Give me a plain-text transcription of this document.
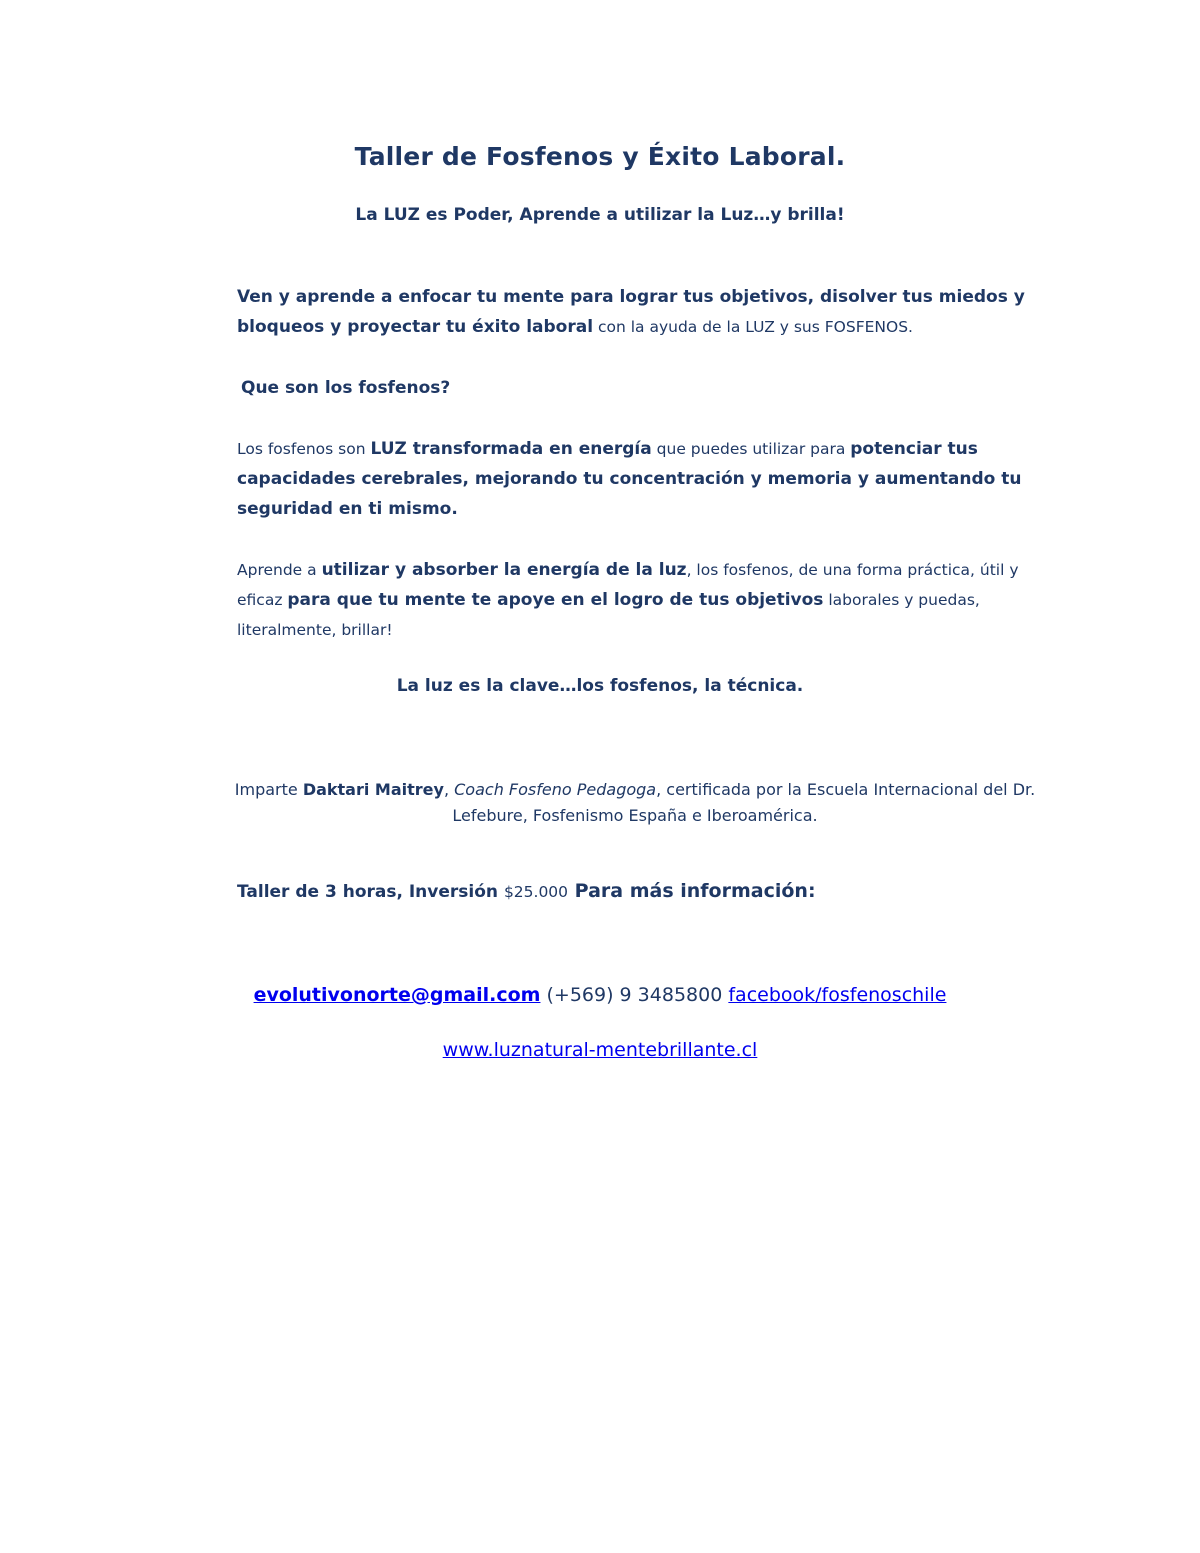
Taller de Fosfenos y Éxito Laboral.
La LUZ es Poder, Aprende a utilizar la Luz…y brilla!
Ven y aprende a enfocar tu mente para lograr tus objetivos, disolver tus miedos y bloqueos y proyectar tu éxito laboral con la ayuda de la LUZ y sus FOSFENOS.
Que son los fosfenos?
Los fosfenos son LUZ transformada en energía que puedes utilizar para potenciar tus capacidades cerebrales, mejorando tu concentración y memoria y aumentando tu seguridad en ti mismo.
Aprende a utilizar y absorber la energía de la luz, los fosfenos, de una forma práctica, útil y eficaz para que tu mente te apoye en el logro de tus objetivos laborales y puedas, literalmente, brillar!
La luz es la clave…los fosfenos, la técnica.
Imparte Daktari Maitrey, Coach Fosfeno Pedagoga, certificada por la Escuela Internacional del Dr. Lefebure, Fosfenismo España e Iberoamérica.
Taller de 3 horas, Inversión $25.000 Para más información:
evolutivonorte@gmail.com (+569) 9 3485800 facebook/fosfenoschile
www.luznatural-mentebrillante.cl
